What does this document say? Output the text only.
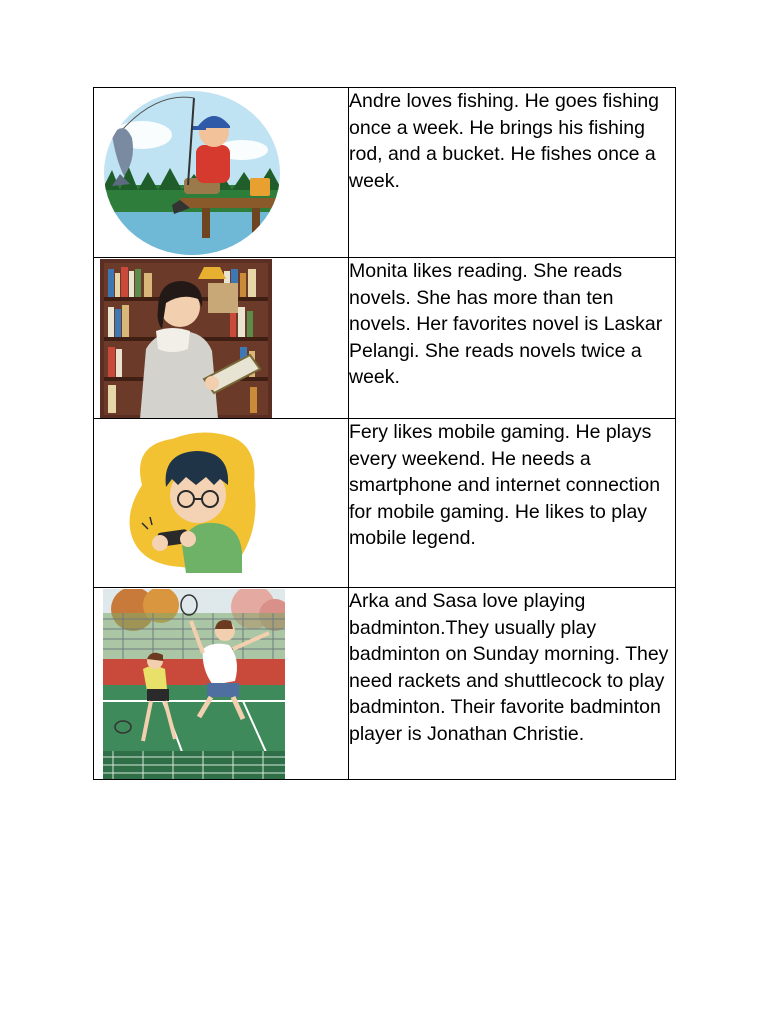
	Andre loves fishing. He goes fishing once a week. He brings his fishing rod, and a bucket. He fishes once a week.

	Monita likes reading. She reads novels. She has more than ten novels. Her favorites novel is Laskar Pelangi. She reads novels twice a week.

	Fery likes mobile gaming. He plays every weekend. He needs a smartphone and internet connection for mobile gaming. He likes to play mobile legend.

	Arka and Sasa love playing badminton.They usually play badminton on Sunday morning. They need rackets and shuttlecock to play badminton. Their favorite badminton player is Jonathan Christie.
